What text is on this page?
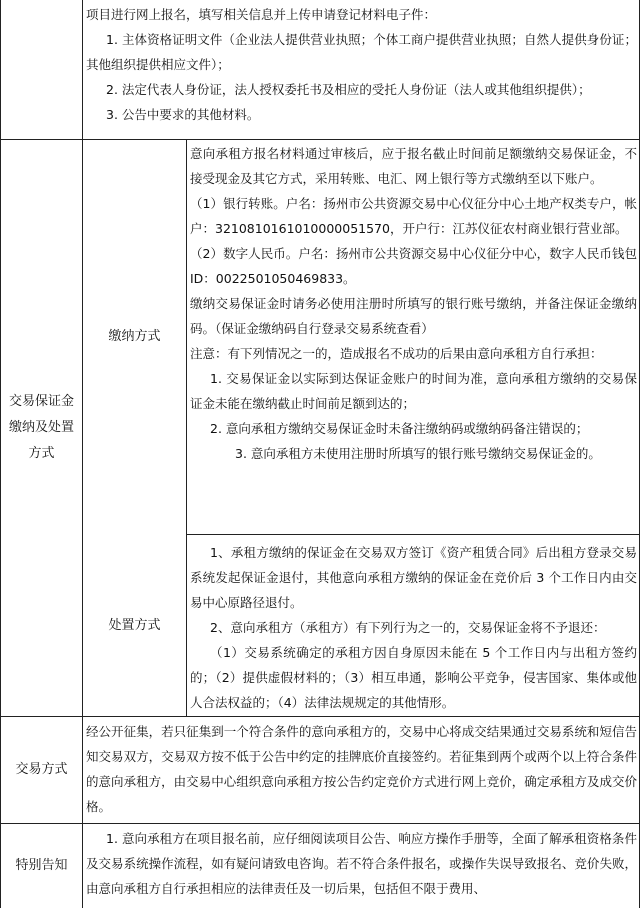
项目进行网上报名，填写相关信息并上传申请登记材料电子件：

1. 主体资格证明文件（企业法人提供营业执照；个体工商户提供营业执照；自然人提供身份证；其他组织提供相应文件）；

2. 法定代表人身份证，法人授权委托书及相应的受托人身份证（法人或其他组织提供）；

3. 公告中要求的其他材料。

交易保证金缴纳及处置方式
缴纳方式

意向承租方报名材料通过审核后，应于报名截止时间前足额缴纳交易保证金，不接受现金及其它方式，采用转账、电汇、网上银行等方式缴纳至以下账户。

（1）银行转账。户名：扬州市公共资源交易中心仪征分中心土地产权类专户，帐户：32108101610100000515​70，开户行：江苏仪征农村商业银行营业部。

（2）数字人民币。户名：扬州市公共资源交易中心仪征分中心，数字人民币钱包 ID：0022501050469833。

缴纳交易保证金时请务必使用注册时所填写的银行账号缴纳，并备注保证金缴纳码。（保证金缴纳码自行登录交易系统查看）

注意：有下列情况之一的，造成报名不成功的后果由意向承租方自行承担：

1. 交易保证金以实际到达保证金账户的时间为准，意向承租方缴纳的交易保证金未能在缴纳截止时间前足额到达的；

2. 意向承租方缴纳交易保证金时未备注缴纳码或缴纳码备注错误的；

3. 意向承租方未使用注册时所填写的银行账号缴纳交易保证金的。

处置方式

1、承租方缴纳的保证金在交易双方签订《资产租赁合同》后出租方登录交易系统发起保证金退付，其他意向承租方缴纳的保证金在竞价后 3 个工作日内由交易中心原路径退付。

2、意向承租方（承租方）有下列行为之一的，交易保证金将不予退还：

（1）交易系统确定的承租方因自身原因未能在 5 个工作日内与出租方签约的；（2）提供虚假材料的；（3）相互串通，影响公平竞争，侵害国家、集体或他人合法权益的；（4）法律法规规定的其他情形。

交易方式

经公开征集，若只征集到一个符合条件的意向承租方的，交易中心将成交结果通过交易系统和短信告知交易双方，交易双方按不低于公告中约定的挂牌底价直接签约。若征集到两个或两个以上符合条件的意向承租方，由交易中心组织意向承租方按公告约定竞价方式进行网上竞价，确定承租方及成交价格。

特别告知

1. 意向承租方在项目报名前，应仔细阅读项目公告、响应方操作手册等，全面了解承租资格条件及交易系统操作流程，如有疑问请致电咨询。若不符合条件报名，或操作失误导致报名、竞价失败，由意向承租方自行承担相应的法律责任及一切后果，包括但不限于费用、
